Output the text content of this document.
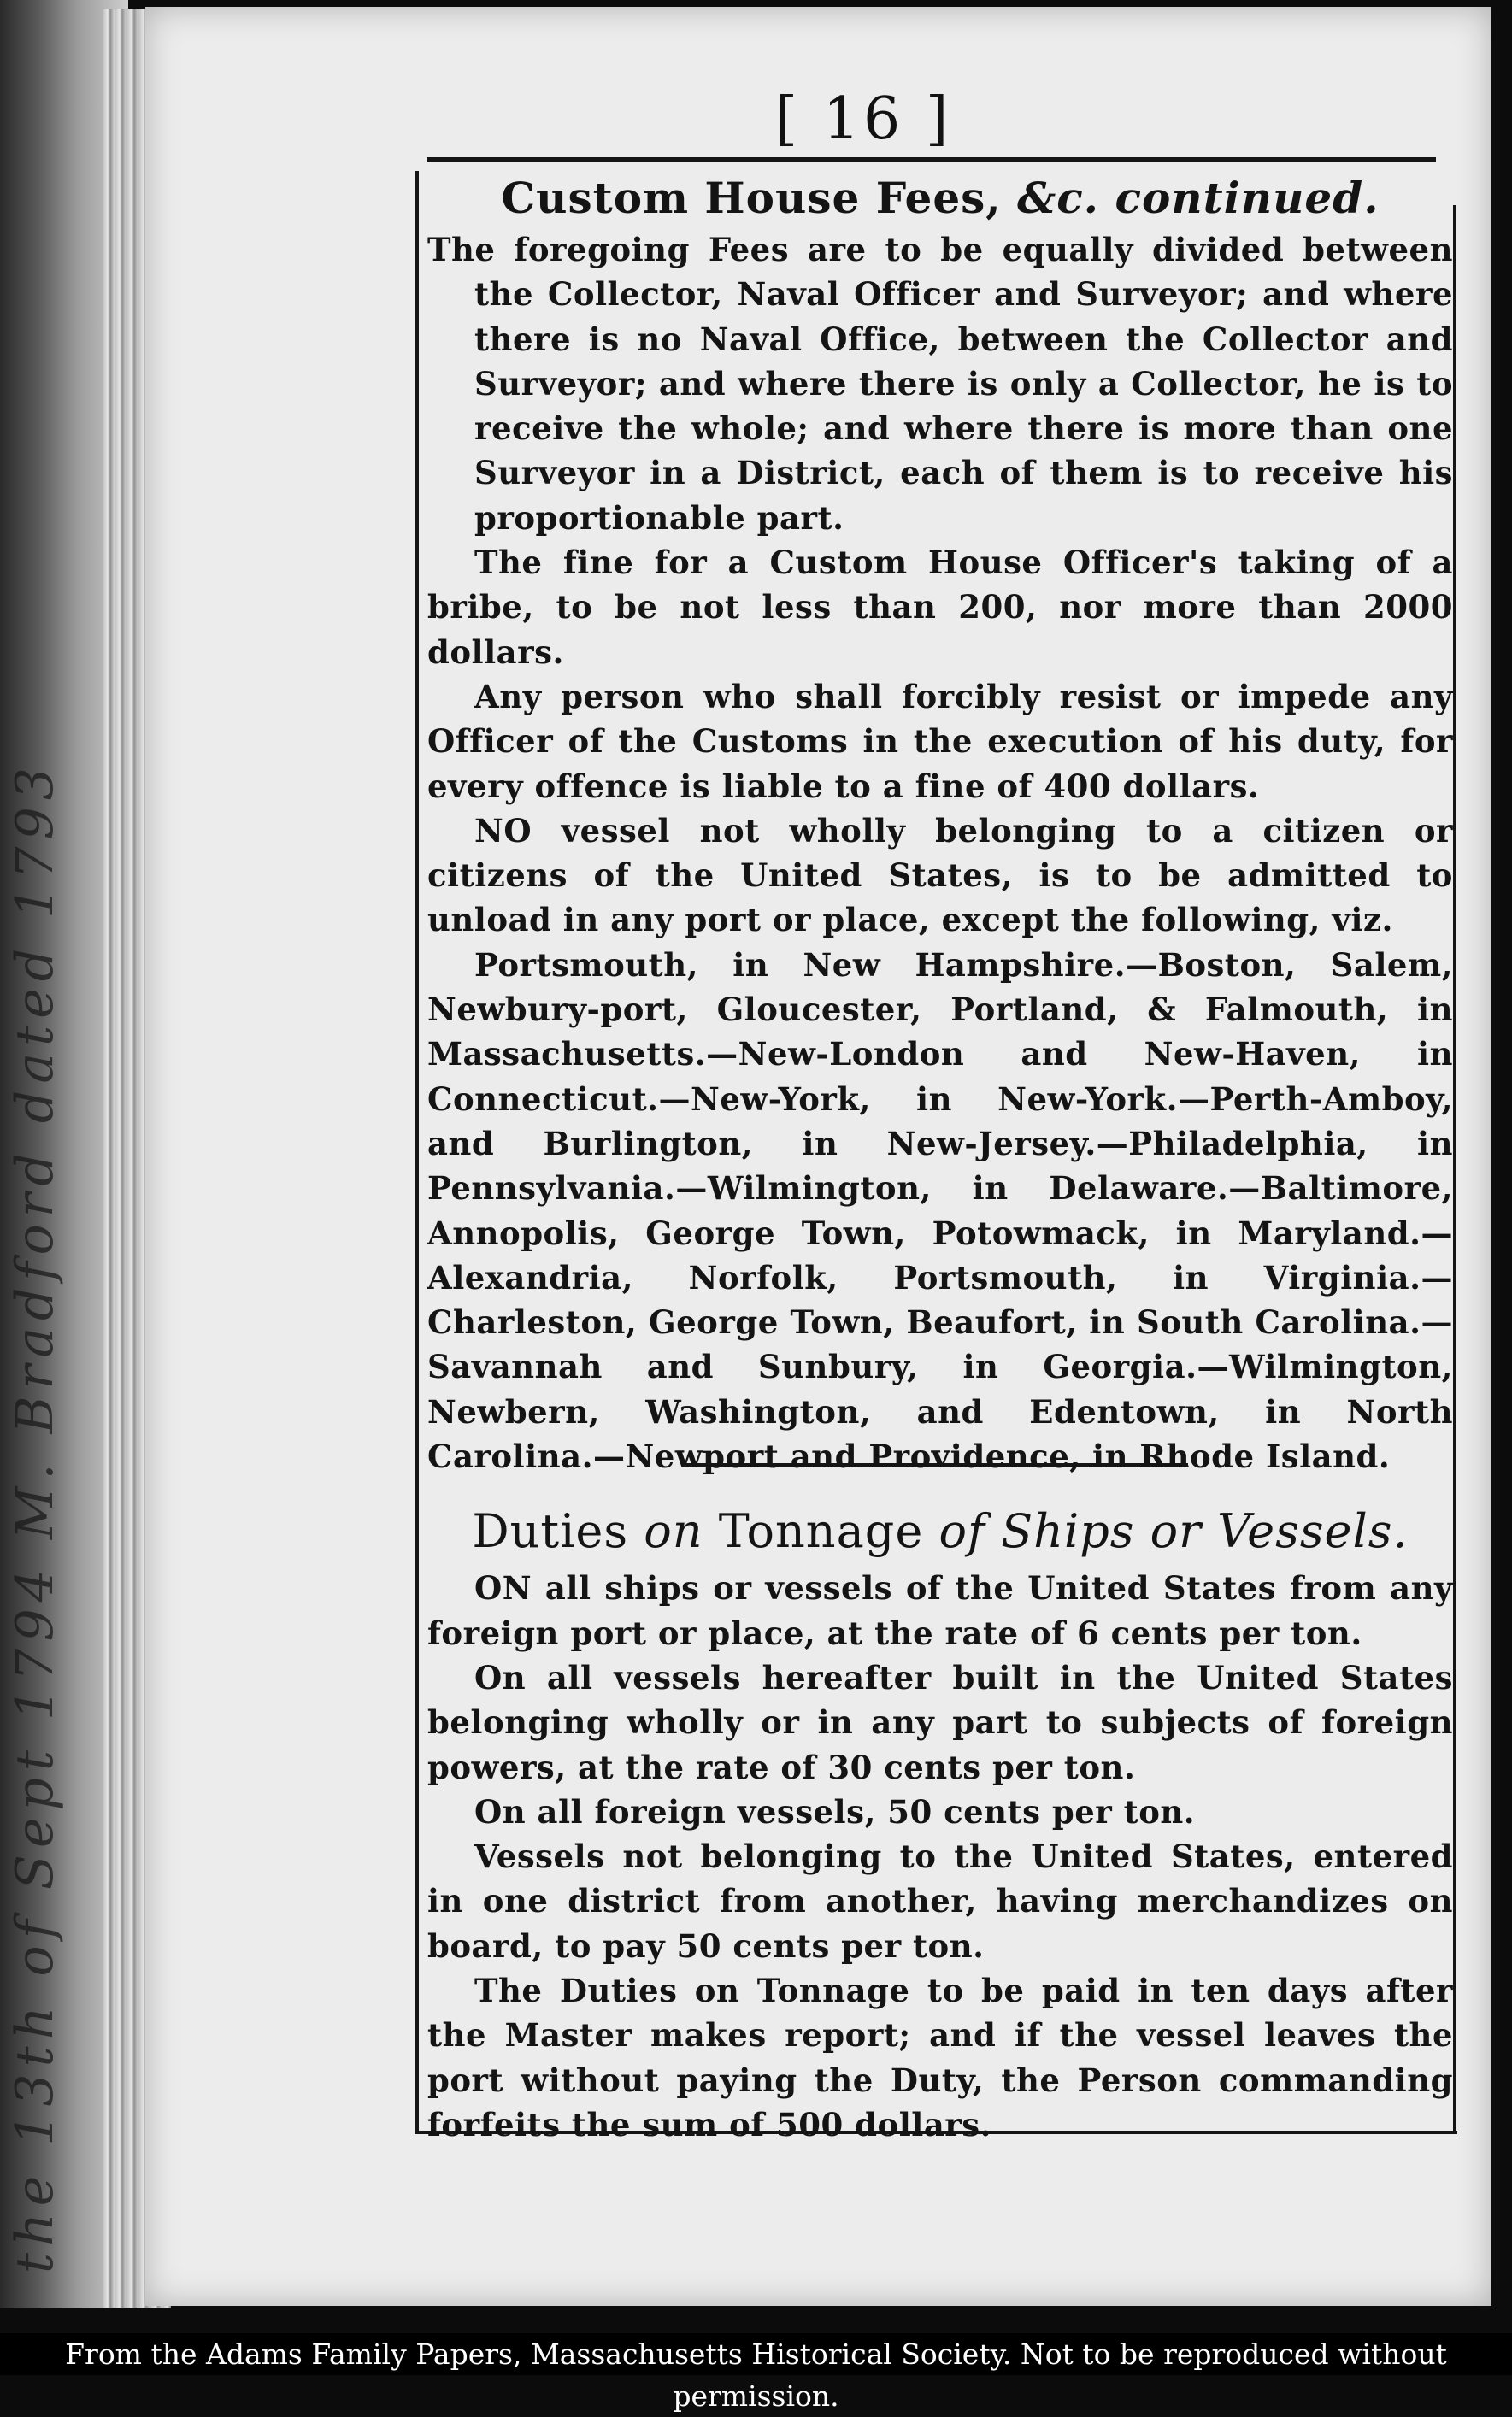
the 13th of Sept 1794 M. Bradford dated 1793
[ 16 ]
Custom House Fees, &c. continued.

The foregoing Fees are to be equally divided between the Collector, Naval Officer and Surveyor; and where there is no Naval Office, between the Collector and Surveyor; and where there is only a Collector, he is to receive the whole; and where there is more than one Surveyor in a District, each of them is to receive his proportionable part.

The fine for a Custom House Officer's taking of a bribe, to be not less than 200, nor more than 2000 dollars.

Any person who shall forcibly resist or impede any Officer of the Customs in the execution of his duty, for every offence is liable to a fine of 400 dollars.

NO vessel not wholly belonging to a citizen or citizens of the United States, is to be admitted to unload in any port or place, except the following, viz.

Portsmouth, in New Hampshire.—Boston, Salem, Newbury-port, Gloucester, Portland, & Falmouth, in Massachusetts.—New-London and New-Haven, in Connecticut.—New-York, in New-York.—Perth-Amboy, and Burlington, in New-Jersey.—Philadelphia, in Pennsylvania.—Wilmington, in Delaware.—Baltimore, Annopolis, George Town, Potowmack, in Maryland.—Alexandria, Norfolk, Portsmouth, in Virginia.—Charleston, George Town, Beaufort, in South Carolina.—Savannah and Sunbury, in Georgia.—Wilmington, Newbern, Washington, and Edentown, in North Carolina.—Newport and Providence, in Rhode Island.

Duties on Tonnage of Ships or Vessels.

ON all ships or vessels of the United States from any foreign port or place, at the rate of 6 cents per ton.

On all vessels hereafter built in the United States belonging wholly or in any part to subjects of foreign powers, at the rate of 30 cents per ton.

On all foreign vessels, 50 cents per ton.

Vessels not belonging to the United States, entered in one district from another, having merchandizes on board, to pay 50 cents per ton.

The Duties on Tonnage to be paid in ten days after the Master makes report; and if the vessel leaves the port without paying the Duty, the Person commanding forfeits the sum of 500 dollars.

From the Adams Family Papers, Massachusetts Historical Society. Not to be reproduced without permission.
